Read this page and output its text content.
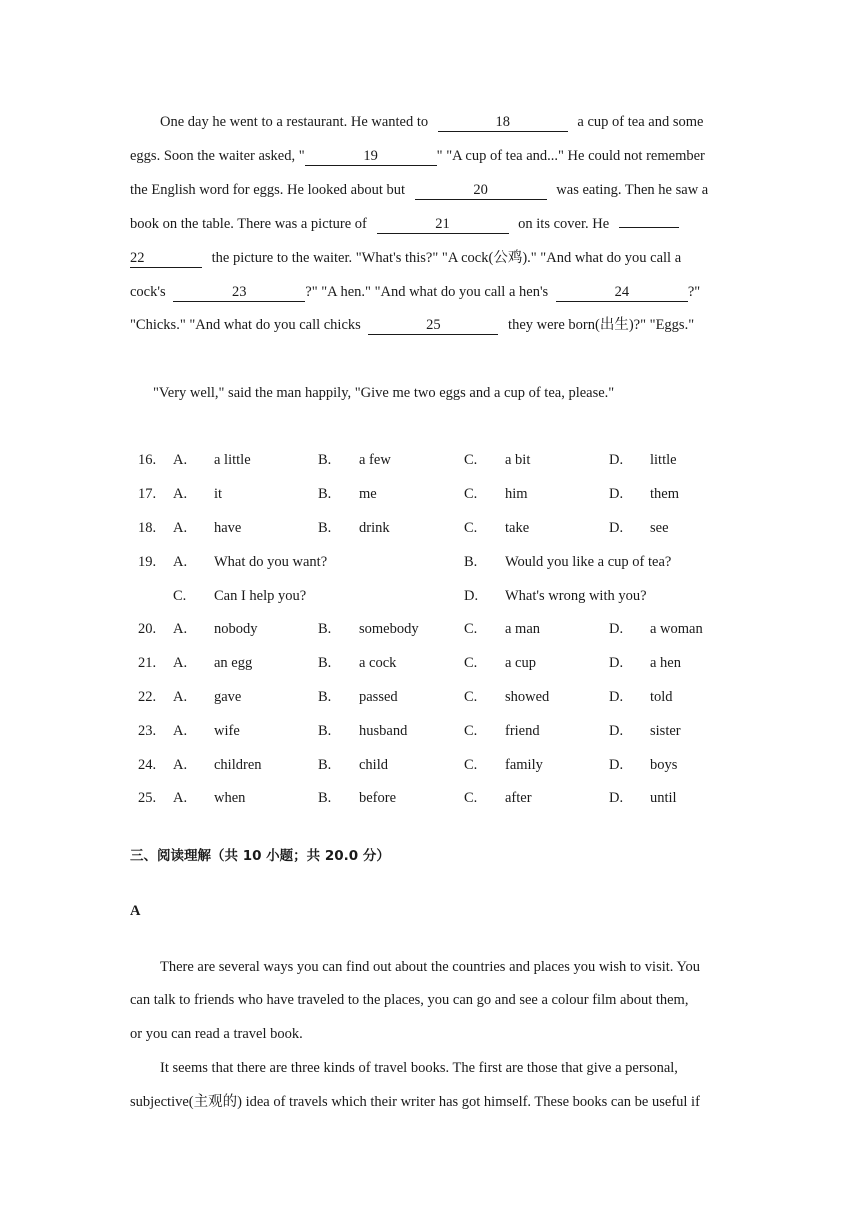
One day he went to a restaurant. He wanted to	18	a cup of tea and some
eggs. Soon the waiter asked, "	19	" "A cup of tea and..." He could not remember
the English word for eggs. He looked about but	20	was eating. Then he saw a
book on the table. There was a picture of	21	on its cover. He
22	the picture to the waiter. "What's this?" "A cock(公鸡)." "And what do you call a
cock's	23	?" "A hen." "And what do you call a hen's	24	?"
"Chicks." "And what do you call chicks	25	they were born(出生)?" "Eggs."
"Very well," said the man happily, "Give me two eggs and a cup of tea, please."
16. A. a little	B. a few	C. a bit	D. little
17. A. it	B. me	C. him	D. them
18. A. have	B. drink	C. take	D. see
19. A. What do you want?	B. Would you like a cup of tea?
C. Can I help you?	D. What's wrong with you?
20. A. nobody	B. somebody	C. a man	D. a woman
21. A. an egg	B. a cock	C. a cup	D. a hen
22. A. gave	B. passed	C. showed	D. told
23. A. wife	B. husband	C. friend	D. sister
24. A. children	B. child	C. family	D. boys
25. A. when	B. before	C. after	D. until
三、阅读理解（共 10 小题；共 20.0 分）
A
There are several ways you can find out about the countries and places you wish to visit. You
can talk to friends who have traveled to the places, you can go and see a colour film about them,
or you can read a travel book.
It seems that there are three kinds of travel books. The first are those that give a personal,
subjective(主观的) idea of travels which their writer has got himself. These books can be useful if
